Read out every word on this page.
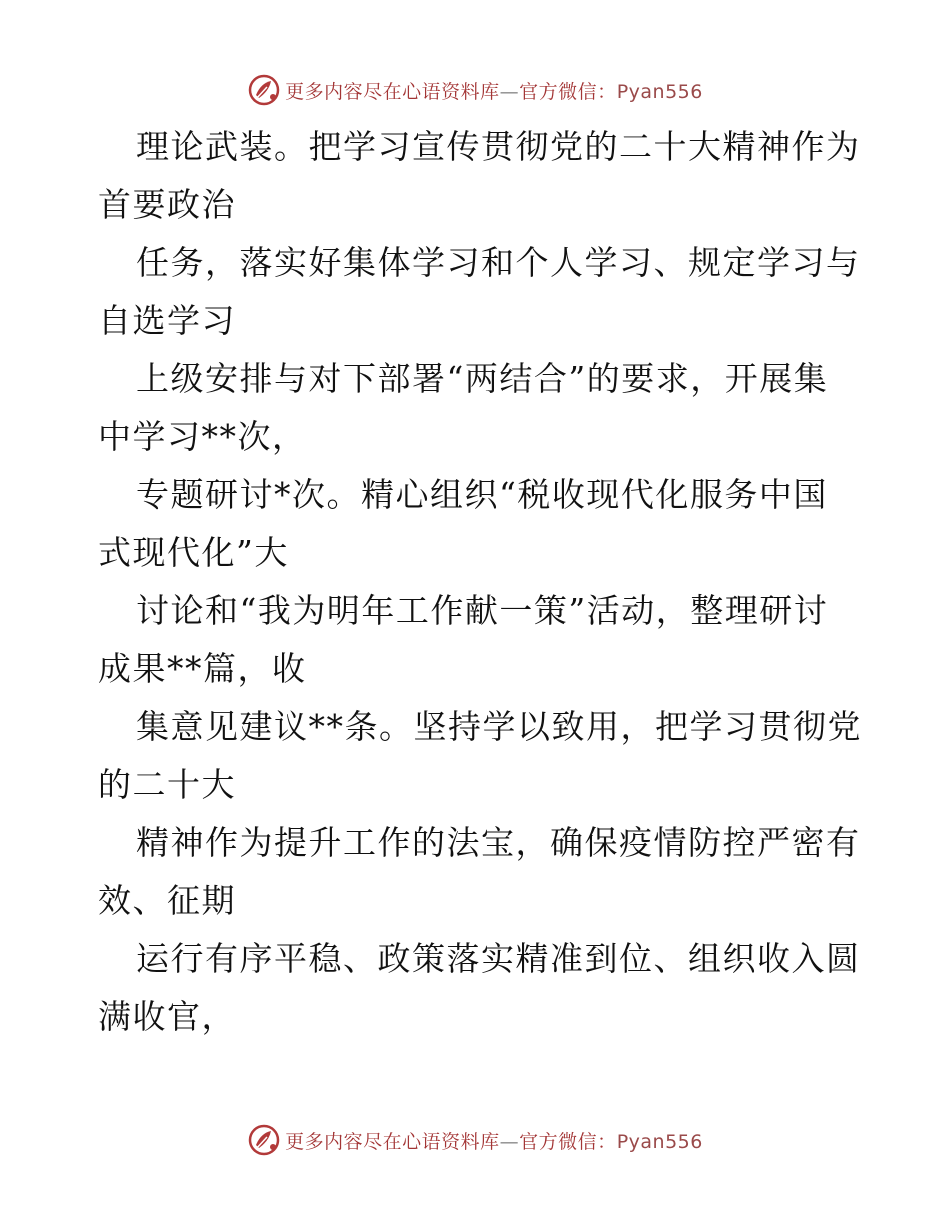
更多内容尽在心语资料库—官方微信：Pyan556
理论武装。把学习宣传贯彻党的二十大精神作为
首要政治
任务，落实好集体学习和个人学习、规定学习与
自选学习
上级安排与对下部署“两结合”的要求，开展集
中学习**次，
专题研讨*次。精心组织“税收现代化服务中国
式现代化”大
讨论和“我为明年工作献一策”活动，整理研讨
成果**篇，收
集意见建议**条。坚持学以致用，把学习贯彻党
的二十大
精神作为提升工作的法宝，确保疫情防控严密有
效、征期
运行有序平稳、政策落实精准到位、组织收入圆
满收官，
更多内容尽在心语资料库—官方微信：Pyan556
